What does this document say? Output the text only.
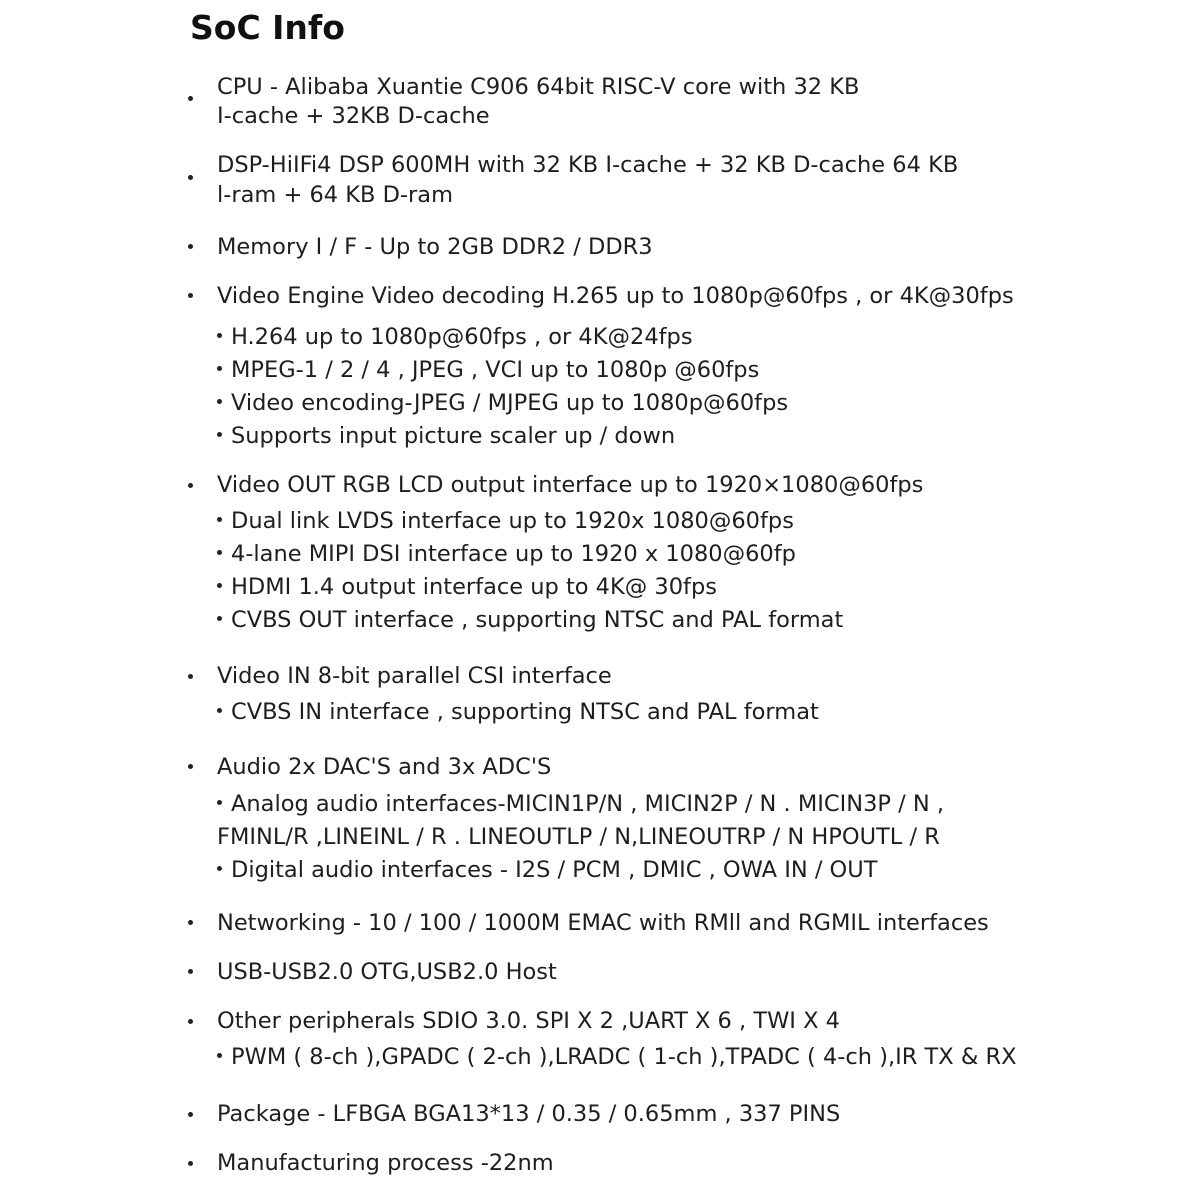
SoC Info
CPU - Alibaba Xuantie C906 64bit RISC-V core with 32 KB
I-cache + 32KB D-cache
DSP-HiIFi4 DSP 600MH with 32 KB I-cache + 32 KB D-cache 64 KB
l-ram + 64 KB D-ram
Memory I / F - Up to 2GB DDR2 / DDR3
Video Engine Video decoding H.265 up to 1080p@60fps , or 4K@30fps
H.264 up to 1080p@60fps , or 4K@24fps
MPEG-1 / 2 / 4 , JPEG , VCI up to 1080p @60fps
Video encoding-JPEG / MJPEG up to 1080p@60fps
Supports input picture scaler up / down
Video OUT RGB LCD output interface up to 1920×1080@60fps
Dual link LVDS interface up to 1920x 1080@60fps
4-lane MIPI DSI interface up to 1920 x 1080@60fp
HDMI 1.4 output interface up to 4K@ 30fps
CVBS OUT interface , supporting NTSC and PAL format
Video IN 8-bit parallel CSI interface
CVBS IN interface , supporting NTSC and PAL format
Audio 2x DAC'S and 3x ADC'S
Analog audio interfaces-MICIN1P/N , MICIN2P / N . MICIN3P / N ,
FMINL/R ,LINEINL / R . LINEOUTLP / N,LINEOUTRP / N HPOUTL / R
Digital audio interfaces - I2S / PCM , DMIC , OWA IN / OUT
Networking - 10 / 100 / 1000M EMAC with RMll and RGMIL interfaces
USB-USB2.0 OTG,USB2.0 Host
Other peripherals SDIO 3.0. SPI X 2 ,UART X 6 , TWI X 4
PWM ( 8-ch ),GPADC ( 2-ch ),LRADC ( 1-ch ),TPADC ( 4-ch ),IR TX & RX
Package - LFBGA BGA13*13 / 0.35 / 0.65mm , 337 PINS
Manufacturing process -22nm
